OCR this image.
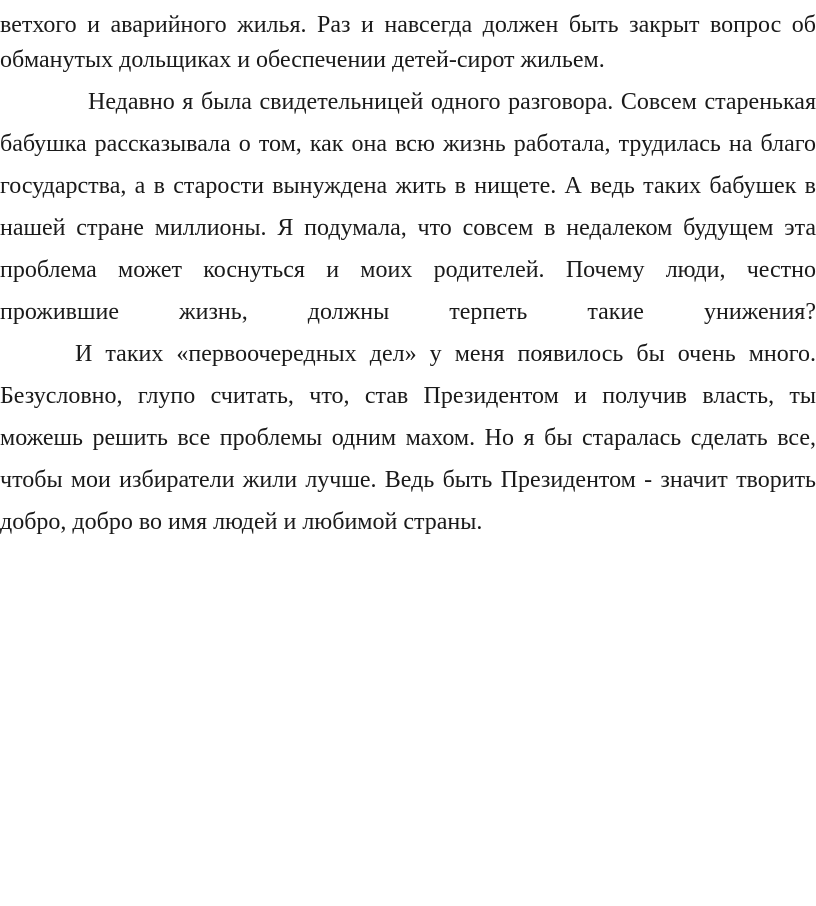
ветхого и аварийного жилья. Раз и навсегда должен быть закрыт вопрос об
обманутых дольщиках и обеспечении детей-сирот жильем.
Недавно я была свидетельницей одного разговора. Совсем старенькая
бабушка рассказывала о том, как она всю жизнь работала, трудилась на благо
государства, а в старости вынуждена жить в нищете. А ведь таких бабушек в
нашей стране миллионы. Я подумала, что совсем в недалеком будущем эта
проблема может коснуться и моих родителей. Почему люди, честно
прожившие жизнь, должны терпеть такие унижения?
И таких «первоочередных дел» у меня появилось бы очень много.
Безусловно, глупо считать, что, став Президентом и получив власть, ты
можешь решить все проблемы одним махом. Но я бы старалась сделать все,
чтобы мои избиратели жили лучше. Ведь быть Президентом - значит творить
добро, добро во имя людей и любимой страны.
